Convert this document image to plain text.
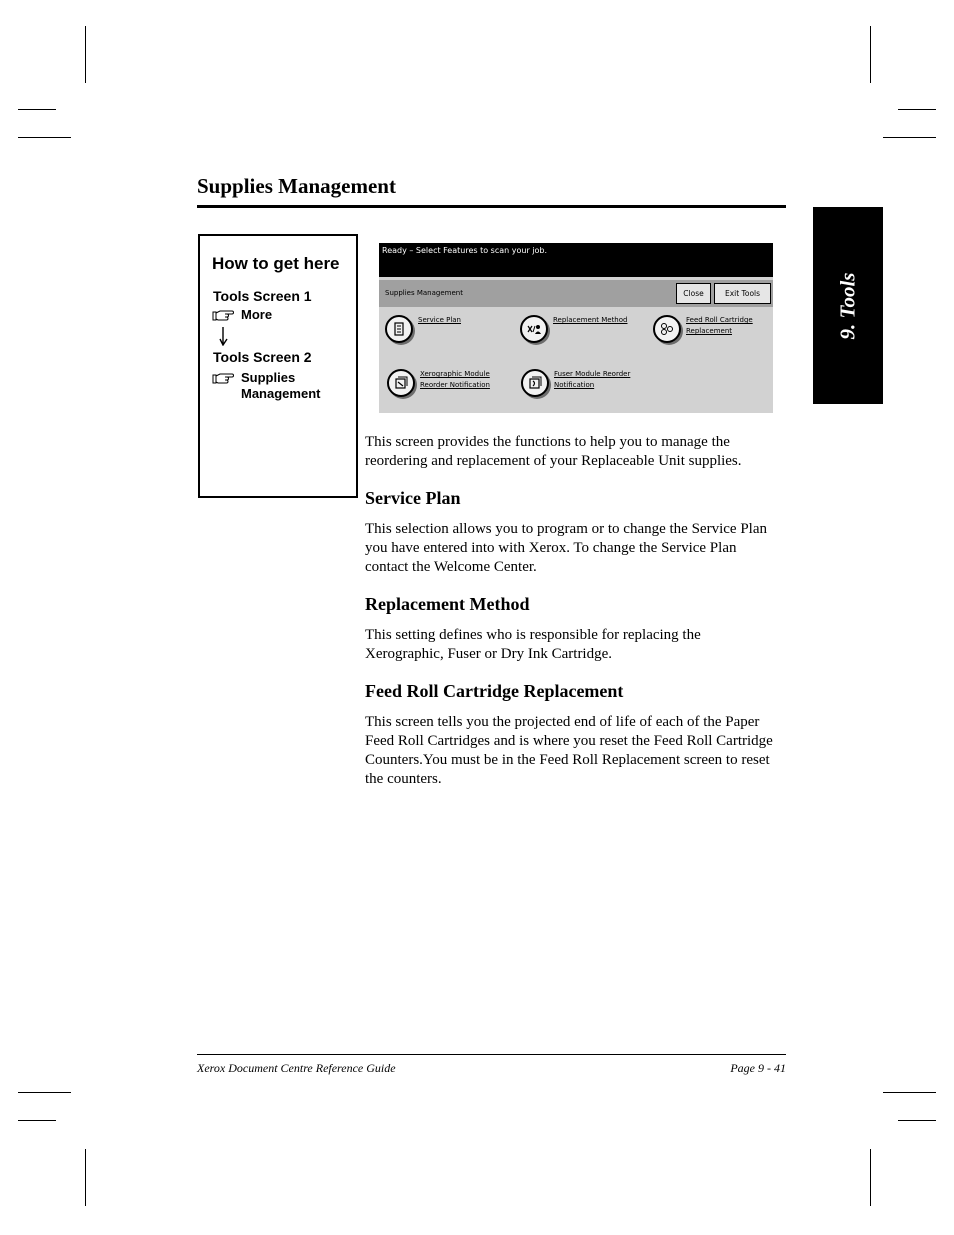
Supplies Management
9. Tools
How to get here
Tools Screen 1
More
Tools Screen 2
Supplies
Management
Ready – Select Features to scan your job.
Supplies Management	Close	Exit Tools
Service Plan	Replacement Method	Feed Roll Cartridge
Replacement
Xerographic Module
Reorder Notification
Fuser Module Reorder
Notification
This screen provides the functions to help you to manage the
reordering and replacement of your Replaceable Unit supplies.
Service Plan
This selection allows you to program or to change the Service Plan
you have entered into with Xerox. To change the Service Plan
contact the Welcome Center.
Replacement Method
This setting defines who is responsible for replacing the
Xerographic, Fuser or Dry Ink Cartridge.
Feed Roll Cartridge Replacement
This screen tells you the projected end of life of each of the Paper
Feed Roll Cartridges and is where you reset the Feed Roll Cartridge
Counters.You must be in the Feed Roll Replacement screen to reset
the counters.
Xerox Document Centre Reference Guide	Page 9 - 41
